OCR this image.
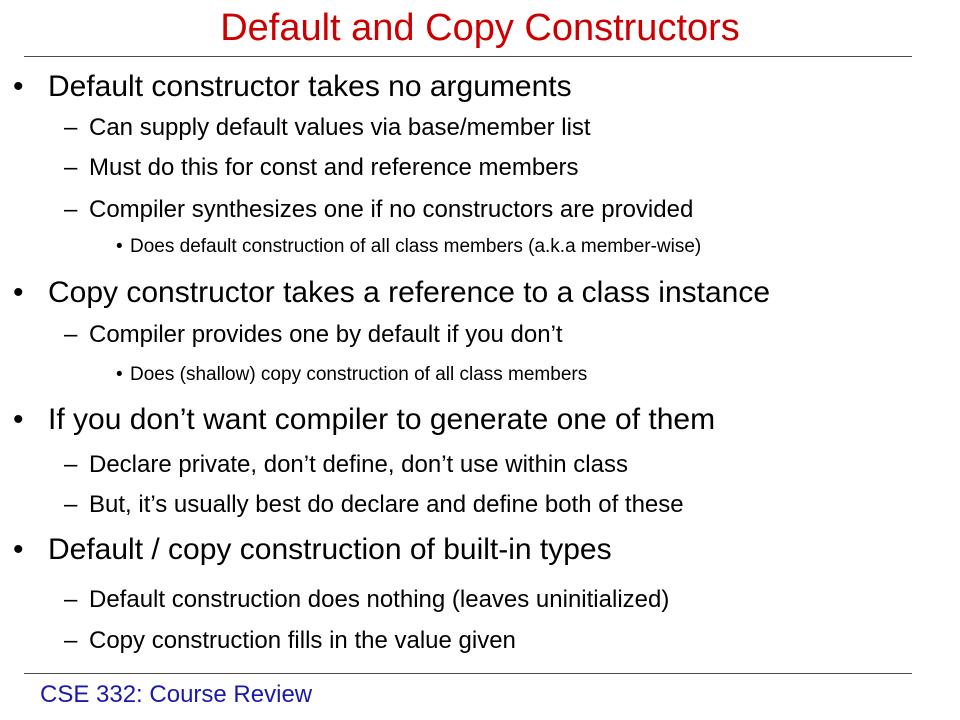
Default and Copy Constructors
• Default constructor takes no arguments
– Can supply default values via base/member list
– Must do this for const and reference members
– Compiler synthesizes one if no constructors are provided
• Does default construction of all class members (a.k.a member-wise)
• Copy constructor takes a reference to a class instance
– Compiler provides one by default if you don’t
• Does (shallow) copy construction of all class members
• If you don’t want compiler to generate one of them
– Declare private, don’t define, don’t use within class
– But, it’s usually best do declare and define both of these
• Default / copy construction of built-in types
– Default construction does nothing (leaves uninitialized)
– Copy construction fills in the value given
CSE 332: Course Review
